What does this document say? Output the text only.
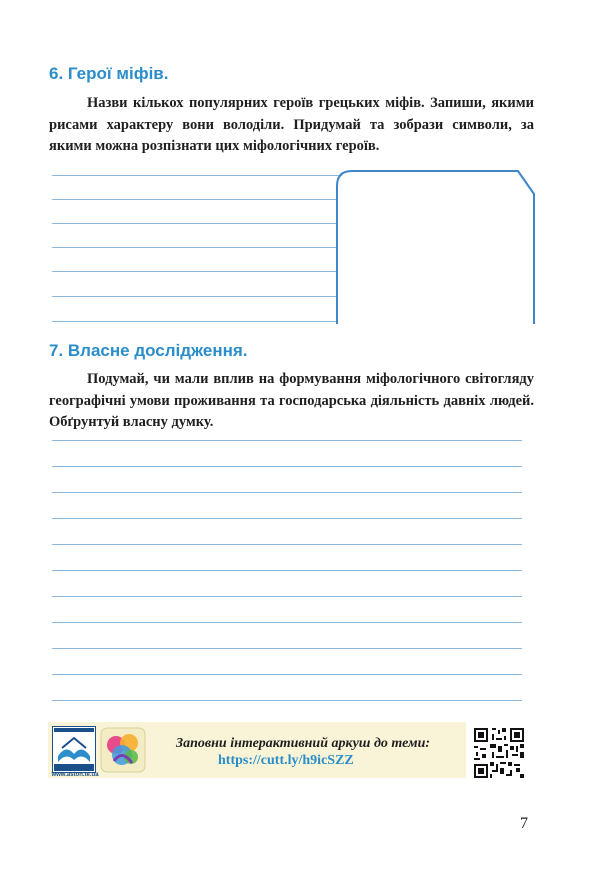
6. Герої міфів.

Назви кількох популярних героїв грецьких міфів. Запиши, якими рисами характеру вони володіли. Придумай та зобрази символи, за якими можна розпізнати цих міфологічних героїв.

7. Власне дослідження.

Подумай, чи мали вплив на формування міфологічного світогляду географічні умови проживання та господарська діяльність давніх людей. Обґрунтуй власну думку.

www.aston.te.ua
Заповни інтерактивний аркуш до теми:
https://cutt.ly/h9icSZZ
7
